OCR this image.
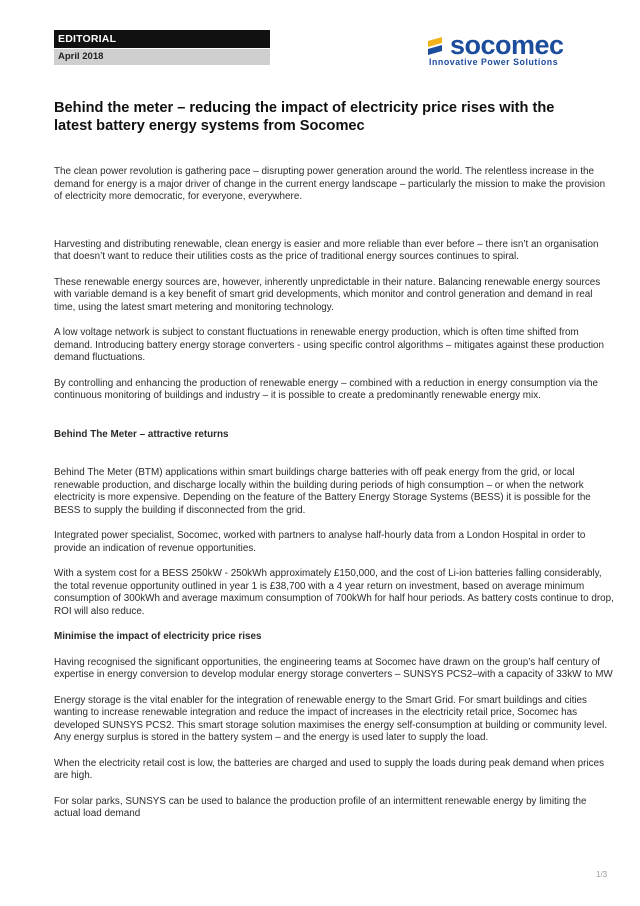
EDITORIAL
April 2018	socomec
Innovative Power Solutions
Behind the meter – reducing the impact of electricity price rises with the latest battery energy systems from Socomec

The clean power revolution is gathering pace – disrupting power generation around the world. The relentless increase in the demand for energy is a major driver of change in the current energy landscape – particularly the mission to make the provision of electricity more democratic, for everyone, everywhere.

Harvesting and distributing renewable, clean energy is easier and more reliable than ever before – there isn’t an organisation that doesn’t want to reduce their utilities costs as the price of traditional energy sources continues to spiral.

These renewable energy sources are, however, inherently unpredictable in their nature. Balancing renewable energy sources with variable demand is a key benefit of smart grid developments, which monitor and control generation and demand in real time, using the latest smart metering and monitoring technology.

A low voltage network is subject to constant fluctuations in renewable energy production, which is often time shifted from demand. Introducing battery energy storage converters - using specific control algorithms – mitigates against these production demand fluctuations.

By controlling and enhancing the production of renewable energy – combined with a reduction in energy consumption via the continuous monitoring of buildings and industry – it is possible to create a predominantly renewable energy mix.

Behind The Meter – attractive returns

Behind The Meter (BTM) applications within smart buildings charge batteries with off peak energy from the grid, or local renewable production, and discharge locally within the building during periods of high consumption – or when the network electricity is more expensive. Depending on the feature of the Battery Energy Storage Systems (BESS) it is possible for the BESS to supply the building if disconnected from the grid.

Integrated power specialist, Socomec, worked with partners to analyse half-hourly data from a London Hospital in order to provide an indication of revenue opportunities.

With a system cost for a BESS 250kW - 250kWh approximately £150,000, and the cost of Li-ion batteries falling considerably, the total revenue opportunity outlined in year 1 is £38,700 with a 4 year return on investment, based on average minimum consumption of 300kWh and average maximum consumption of 700kWh for half hour periods. As battery costs continue to drop, ROI will also reduce.

Minimise the impact of electricity price rises

Having recognised the significant opportunities, the engineering teams at Socomec have drawn on the group’s half century of expertise in energy conversion to develop modular energy storage converters – SUNSYS PCS2–with a capacity of 33kW to MW

Energy storage is the vital enabler for the integration of renewable energy to the Smart Grid. For smart buildings and cities wanting to increase renewable integration and reduce the impact of increases in the electricity retail price, Socomec has developed SUNSYS PCS2. This smart storage solution maximises the energy self-consumption at building or community level. Any energy surplus is stored in the battery system – and the energy is used later to supply the load.

When the electricity retail cost is low, the batteries are charged and used to supply the loads during peak demand when prices are high.

For solar parks, SUNSYS can be used to balance the production profile of an intermittent renewable energy by limiting the actual load demand

1/3
